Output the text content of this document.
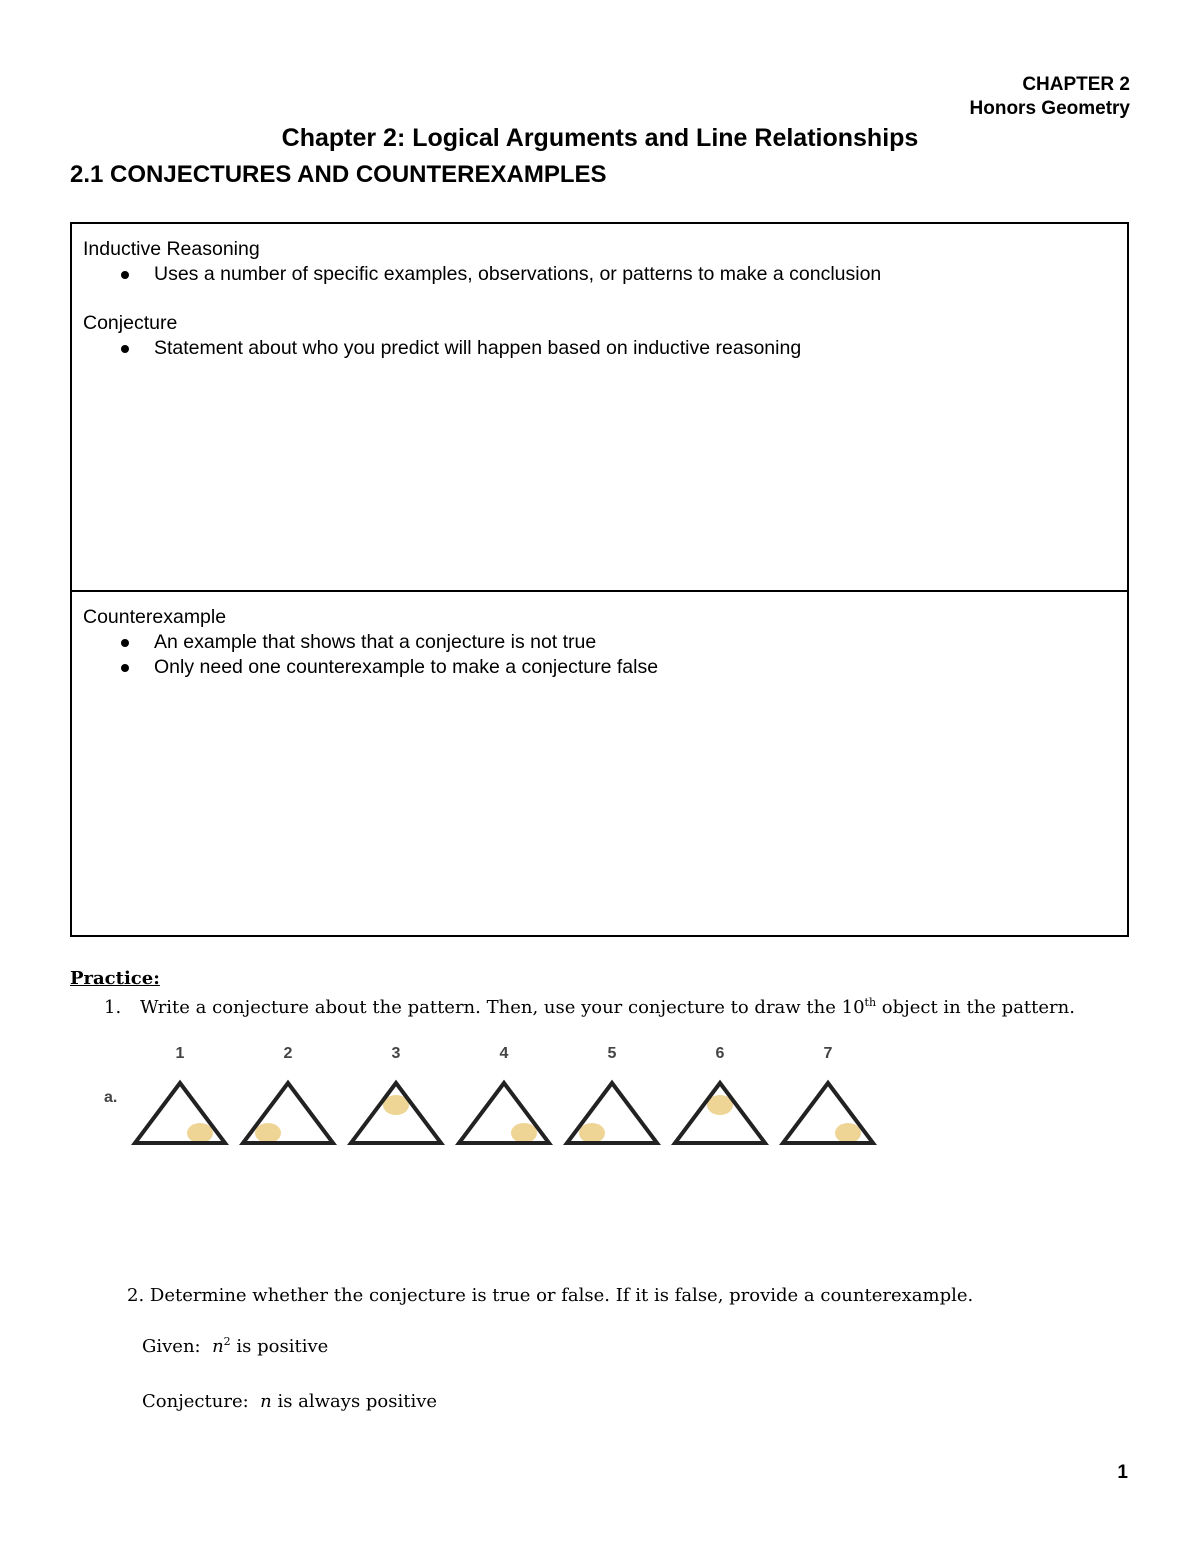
CHAPTER 2
Honors Geometry
Chapter 2: Logical Arguments and Line Relationships
2.1 CONJECTURES AND COUNTEREXAMPLES

Inductive Reasoning

Uses a number of specific examples, observations, or patterns to make a conclusion

Conjecture

Statement about who you predict will happen based on inductive reasoning

Counterexample

An example that shows that a conjecture is not true
Only need one counterexample to make a conjecture false
Practice:
1. Write a conjecture about the pattern. Then, use your conjecture to draw the 10th object in the pattern.
a.
1	2	3	4	5	6	7
2. Determine whether the conjecture is true or false. If it is false, provide a counterexample.
Given: $n^2$ is positive
Conjecture: n is always positive
1
